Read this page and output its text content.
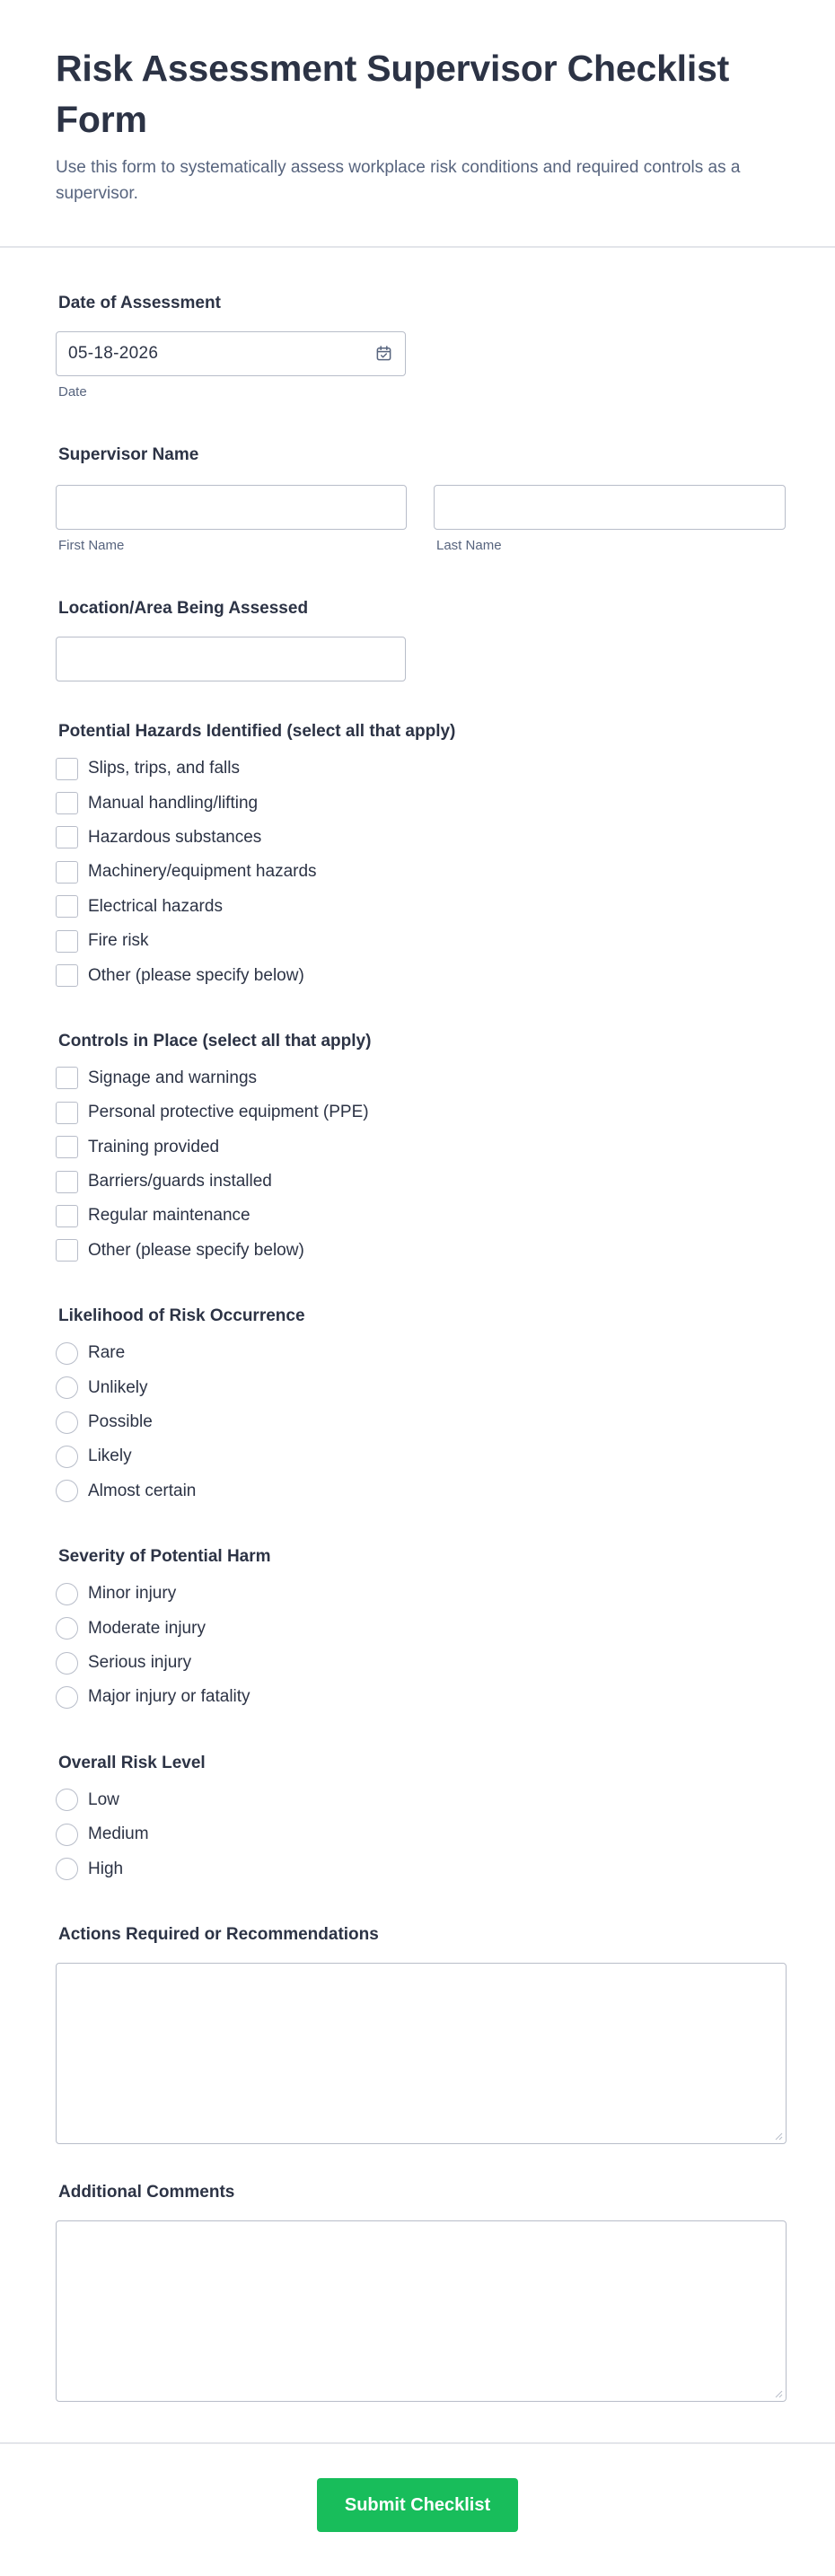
Risk Assessment Supervisor Checklist Form

Use this form to systematically assess workplace risk conditions and required controls as a supervisor.

Date of Assessment
05-18-2026
Date
Supervisor Name
First Name	Last Name
Location/Area Being Assessed
Potential Hazards Identified (select all that apply)
Slips, trips, and falls
Manual handling/lifting
Hazardous substances
Machinery/equipment hazards
Electrical hazards
Fire risk
Other (please specify below)
Controls in Place (select all that apply)
Signage and warnings
Personal protective equipment (PPE)
Training provided
Barriers/guards installed
Regular maintenance
Other (please specify below)
Likelihood of Risk Occurrence
Rare
Unlikely
Possible
Likely
Almost certain
Severity of Potential Harm
Minor injury
Moderate injury
Serious injury
Major injury or fatality
Overall Risk Level
Low
Medium
High
Actions Required or Recommendations
Additional Comments
Submit Checklist
